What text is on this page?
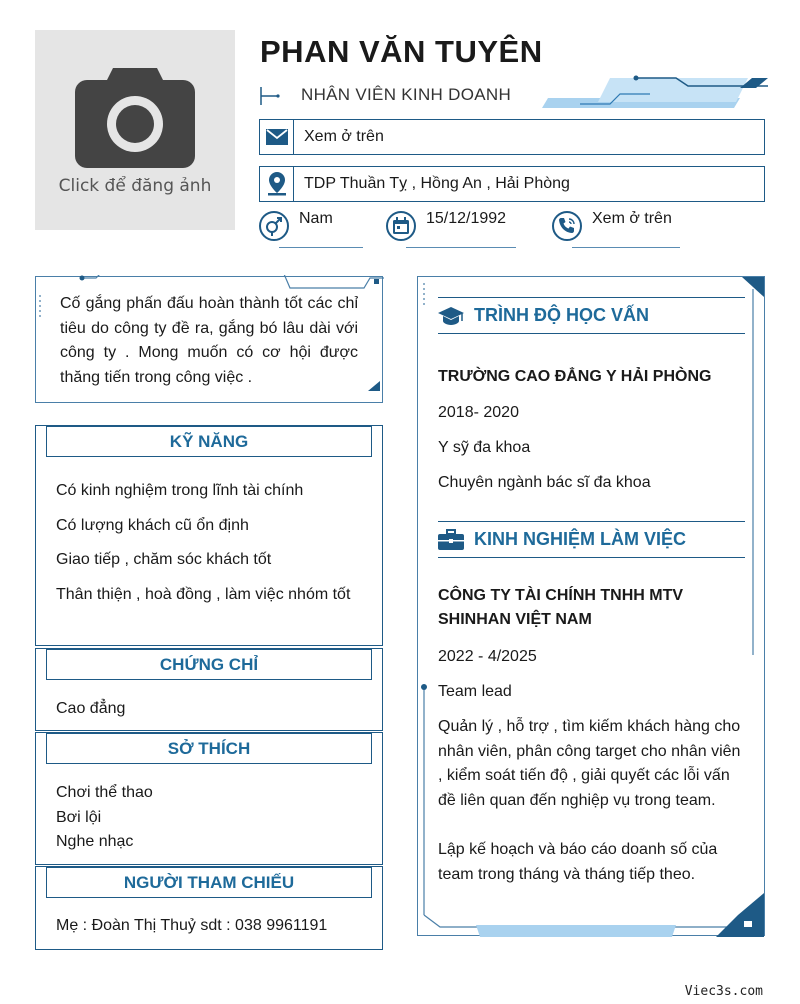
Click để đăng ảnh
PHAN VĂN TUYÊN
NHÂN VIÊN KINH DOANH
Xem ở trên
TDP Thuần Tỵ , Hồng An , Hải Phòng
Nam	15/12/1992	Xem ở trên

Cố gắng phấn đấu hoàn thành tốt các chỉ tiêu do công ty đề ra, gắng bó lâu dài với công ty . Mong muốn có cơ hội được thăng tiến trong công việc .

KỸ NĂNG
Có kinh nghiệm trong lĩnh tài chính
Có lượng khách cũ ổn định
Giao tiếp , chăm sóc khách tốt
Thân thiện , hoà đồng , làm việc nhóm tốt
CHỨNG CHỈ
Cao đẳng
SỞ THÍCH
Chơi thể thao
Bơi lội
Nghe nhạc
NGƯỜI THAM CHIẾU
Mẹ : Đoàn Thị Thuỷ sdt : 038 9961191
TRÌNH ĐỘ HỌC VẤN
TRƯỜNG CAO ĐẲNG Y HẢI PHÒNG
2018- 2020
Y sỹ đa khoa
Chuyên ngành bác sĩ đa khoa
KINH NGHIỆM LÀM VIỆC
CÔNG TY TÀI CHÍNH TNHH MTV
SHINHAN VIỆT NAM
2022 - 4/2025
Team lead
Quản lý , hỗ trợ , tìm kiếm khách hàng cho nhân viên, phân công target cho nhân viên , kiểm soát tiến độ , giải quyết các lỗi vấn đề liên quan đến nghiệp vụ trong team.
Lập kế hoạch và báo cáo doanh số của team trong tháng và tháng tiếp theo.
Viec3s.com
